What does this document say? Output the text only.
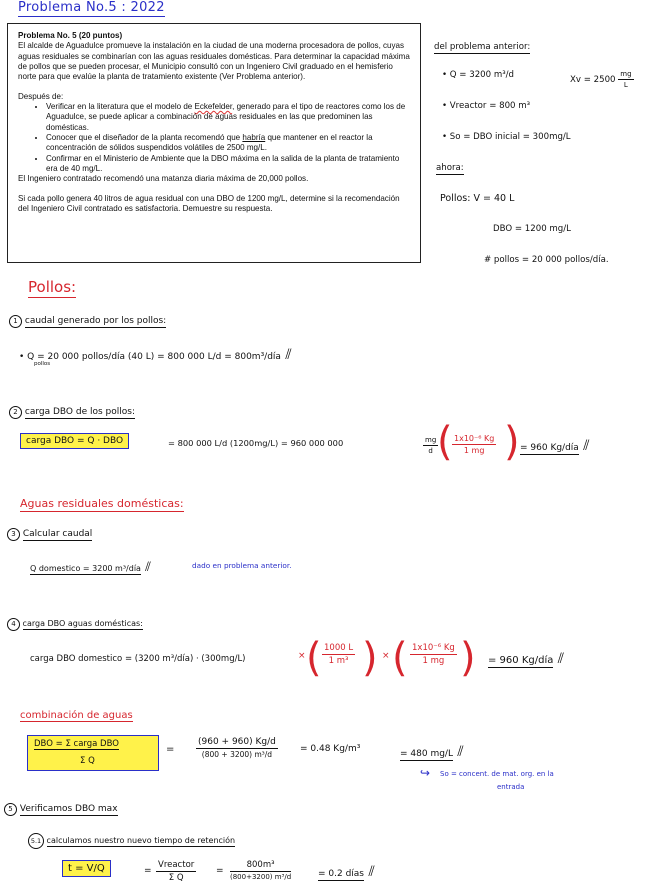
Problema No.5 : 2022

Problema No. 5 (20 puntos)

El alcalde de Aguadulce promueve la instalación en la ciudad de una moderna procesadora de pollos, cuyas aguas residuales se combinarían con las aguas residuales domésticas. Para determinar la capacidad máxima de pollos que se pueden procesar, el Municipio consultó con un Ingeniero Civil graduado en el hemisferio norte para que evalúe la planta de tratamiento existente (Ver Problema anterior).

Después de:

• Verificar en la literatura que el modelo de Eckefelder, generado para el tipo de reactores como los de Aguadulce, se puede aplicar a combinación de aguas residuales en las que predominen las domésticas.
• Conocer que el diseñador de la planta recomendó que habría que mantener en el reactor la concentración de sólidos suspendidos volátiles de 2500 mg/L.
• Confirmar en el Ministerio de Ambiente que la DBO máxima en la salida de la planta de tratamiento era de 40 mg/L.

El Ingeniero contratado recomendó una matanza diaria máxima de 20,000 pollos.

Si cada pollo genera 40 litros de agua residual con una DBO de 1200 mg/L, determine si la recomendación del Ingeniero Civil contratado es satisfactoria. Demuestre su respuesta.

del problema anterior:
• Q = 3200 m³/d	$Xv = 2500 \frac{mg}{L}$
• Vreactor = 800 m³
• So = DBO inicial = 300mg/L
ahora:
Pollos: V = 40 L
DBO = 1200 mg/L
# pollos = 20 000 pollos/día.
Pollos:
1 caudal generado por los pollos:
• Q = 20 000 pollos/día (40 L) = 800 000 L/d = 800m³/día ⫽
pollos
2 carga DBO de los pollos:
carga DBO = Q · DBO	= 800 000 L/d (1200mg/L) = 960 000 000	$\frac{mg}{d}$
( $\frac{\text{1x10⁻⁶ Kg}}{1 mg}$ ) = 960 Kg/día ⫽
Aguas residuales domésticas:
3 Calcular caudal
Q domestico = 3200 m³/día ⫽	dado en problema anterior.
4 carga DBO aguas domésticas:
carga DBO domestico = (3200 m³/día) · (300mg/L)	× ( $\frac{1000 L}{\text{1 m³}}$ ) × ( $\frac{\text{1x10⁻⁶ Kg}}{1 mg}$ ) = 960 Kg/día ⫽
combinación de aguas
DBO = Σ carga DBO
Σ Q
= $\frac{(960 + 960) Kg/d}{\text{(800 + 3200) m³/d}} = 0.48$ Kg/m³	= 480 mg/L ⫽
↪ So = concent. de mat. org. en la
entrada
5 Verificamos DBO max
5.1 calculamos nuestro nuevo tiempo de retención
t = V/Q	= $\frac{\text{Vreactor}}{\text{Σ Q}} = \frac{\text{800m³}}{\text{(800+3200) m³/d}}$	= 0.2 días ⫽
